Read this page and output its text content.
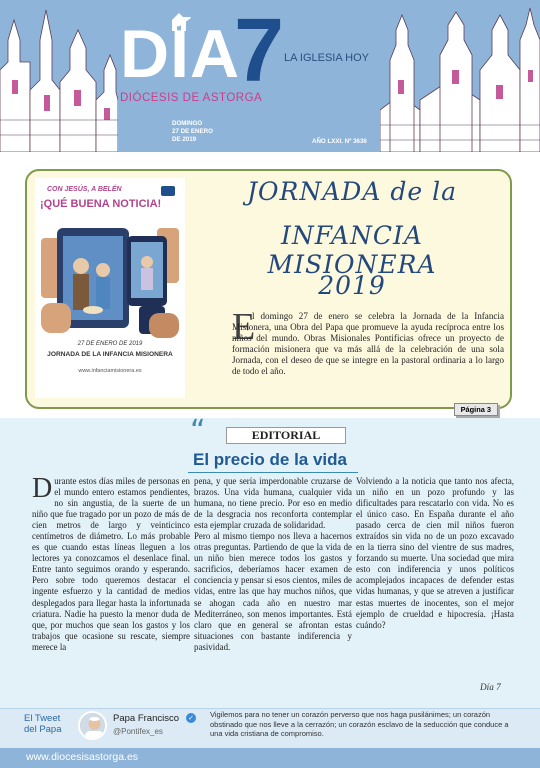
DÍA
7 LA IGLESIA HOY
DIÓCESIS DE ASTORGA
DOMINGO
27 DE ENERO
DE 2019	AÑO LXXI. Nº 3636
CON JESÚS, A BELÉN
¡QUÉ BUENA NOTICIA!
27 DE ENERO DE 2019
JORNADA DE LA INFANCIA MISIONERA
www.infanciamisionera.es
JORNADA de la
INFANCIA MISIONERA
2019
E
l domingo 27 de enero se celebra la Jornada de la Infancia Misionera, una Obra del Papa que promueve la ayuda recíproca entre los niños del mundo. Obras Misionales Pontificias ofrece un proyecto de formación misionera que va más allá de la celebración de una sola Jornada, con el deseo de que se integre en la pastoral ordinaria a lo largo de todo el año.
Página 3
“	EDITORIAL
El precio de la vida
D urante estos días miles de personas en el mundo entero estamos pendientes, no sin angustia, de la suerte de un niño que fue tragado por un pozo de más de cien metros de largo y veinticinco centímetros de diámetro. Lo más probable es que cuando estas líneas lleguen a los lectores ya conozcamos el desenlace final. Entre tanto seguimos orando y esperando. Pero sobre todo queremos destacar el ingente esfuerzo y la cantidad de medios desplegados para llegar hasta la infortunada criatura. Nadie ha puesto la menor duda de que, por muchos que sean los gastos y los trabajos que ocasione su rescate, siempre merece la

pena, y que sería imperdonable cruzarse de brazos. Una vida humana, cualquier vida humana, no tiene precio. Por eso en medio de la desgracia nos reconforta contemplar esta ejemplar cruzada de solidaridad.

Pero al mismo tiempo nos lleva a hacernos otras preguntas. Partiendo de que la vida de un niño bien merece todos los gastos y sacrificios, deberíamos hacer examen de conciencia y pensar si esos cientos, miles de vidas, entre las que hay muchos niños, que se ahogan cada año en nuestro mar Mediterráneo, son menos importantes. Está claro que en general se afrontan estas situaciones con bastante indiferencia y pasividad.

Volviendo a la noticia que tanto nos afecta, un niño en un pozo profundo y las dificultades para rescatarlo con vida. No es el único caso. En España durante el año pasado cerca de cien mil niños fueron extraídos sin vida no de un pozo excavado en la tierra sino del vientre de sus madres, forzando su muerte. Una sociedad que mira esto con indiferencia y unos políticos acomplejados incapaces de defender estas vidas humanas, y que se atreven a justificar estas muertes de inocentes, son el mejor ejemplo de crueldad e hipocresía. ¡Hasta cuándo?

Día 7
El Tweet
del Papa
Papa Francisco ✓
@Pontifex_es
Vigilemos para no tener un corazón perverso que nos haga pusilánimes; un corazón obstinado que nos lleve a la cerrazón; un corazón esclavo de la seducción que conduce a una vida cristiana de compromiso.
www.diocesisastorga.es
